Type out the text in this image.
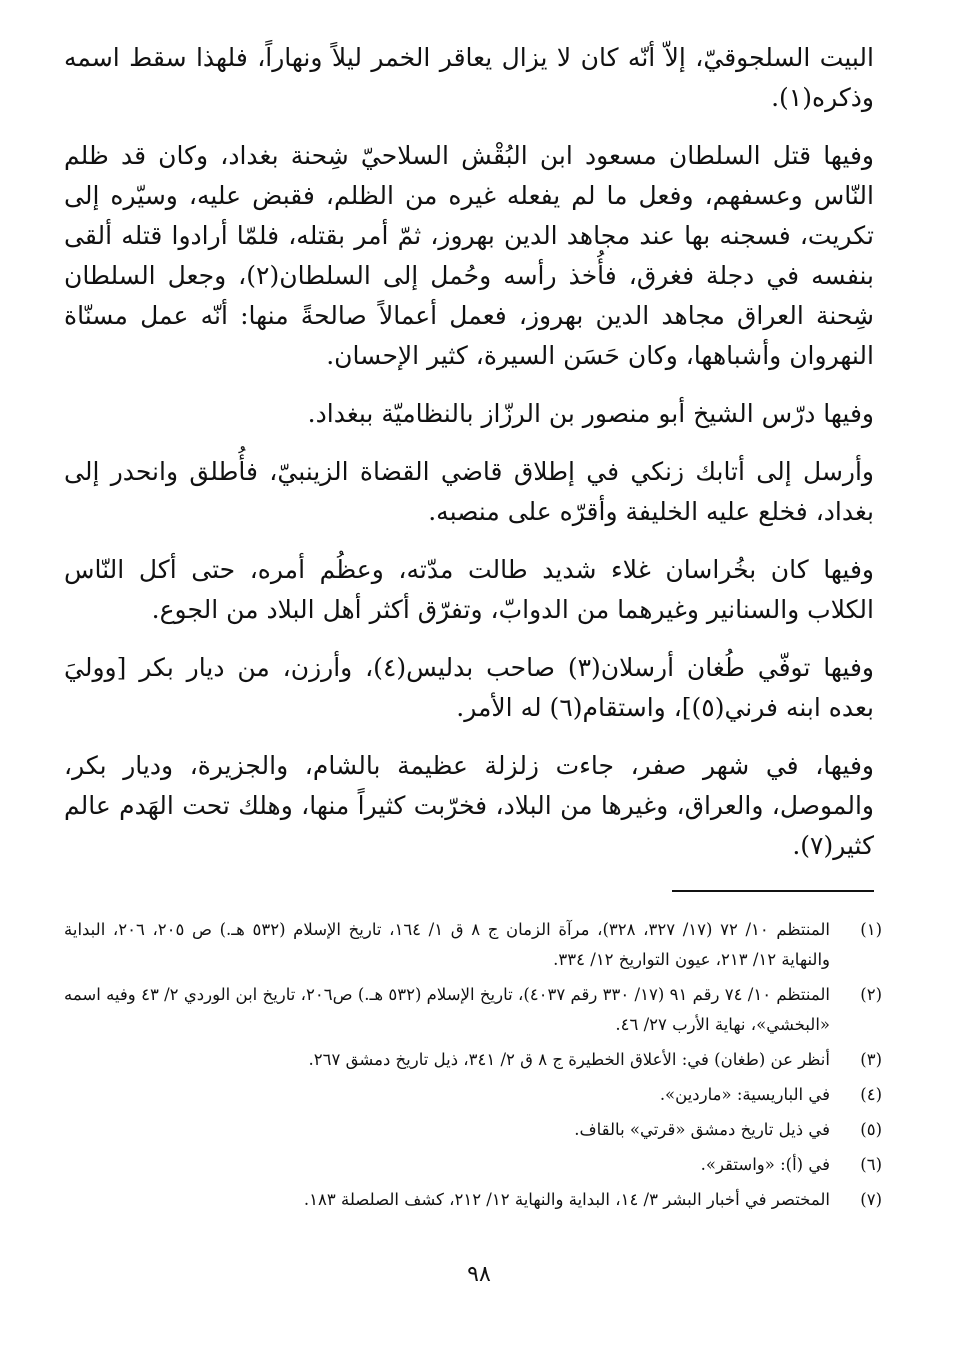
البيت السلجوقيّ، إلاّ أنّه كان لا يزال يعاقر الخمر ليلاً ونهاراً، فلهذا سقط اسمه وذكره(١).

وفيها قتل السلطان مسعود ابن البُقْش السلاحيّ شِحنة بغداد، وكان قد ظلم النّاس وعسفهم، وفعل ما لم يفعله غيره من الظلم، فقبض عليه، وسيّره إلى تكريت، فسجنه بها عند مجاهد الدين بهروز، ثمّ أمر بقتله، فلمّا أرادوا قتله ألقى بنفسه في دجلة فغرق، فأُخذ رأسه وحُمل إلى السلطان(٢)، وجعل السلطان شِحنة العراق مجاهد الدين بهروز، فعمل أعمالاً صالحةً منها: أنّه عمل مسنّاة النهروان وأشباهها، وكان حَسَن السيرة، كثير الإحسان.

وفيها درّس الشيخ أبو منصور بن الرزّاز بالنظاميّة ببغداد.

وأرسل إلى أتابك زنكي في إطلاق قاضي القضاة الزينبيّ، فأُطلق وانحدر إلى بغداد، فخلع عليه الخليفة وأقرّه على منصبه.

وفيها كان بخُراسان غلاء شديد طالت مدّته، وعظُم أمره، حتى أكل النّاس الكلاب والسنانير وغيرهما من الدوابّ، وتفرّق أكثر أهل البلاد من الجوع.

وفيها توفّي طُغان أرسلان(٣) صاحب بدليس(٤)، وأرزن، من ديار بكر [ووليَ بعده ابنه فرني(٥)]، واستقام(٦) له الأمر.

وفيها، في شهر صفر، جاءت زلزلة عظيمة بالشام، والجزيرة، وديار بكر، والموصل، والعراق، وغيرها من البلاد، فخرّبت كثيراً منها، وهلك تحت الهَدم عالم كثير(٧).

(١)
المنتظم ١٠/ ٧٢ (١٧/ ٣٢٧، ٣٢٨)، مرآة الزمان ج ٨ ق ١/ ١٦٤، تاريخ الإسلام (٥٣٢ هـ.) ص ٢٠٥، ٢٠٦، البداية والنهاية ١٢/ ٢١٣، عيون التواريخ ١٢/ ٣٣٤.
(٢)
المنتظم ١٠/ ٧٤ رقم ٩١ (١٧/ ٣٣٠ رقم ٤٠٣٧)، تاريخ الإسلام (٥٣٢ هـ.) ص٢٠٦، تاريخ ابن الوردي ٢/ ٤٣ وفيه اسمه «البخشي»، نهاية الأرب ٢٧/ ٤٦.
(٣)
أنظر عن (طغان) في: الأعلاق الخطيرة ج ٨ ق ٢/ ٣٤١، ذيل تاريخ دمشق ٢٦٧.
(٤)
في الباريسية: «ماردين».
(٥)
في ذيل تاريخ دمشق «قرتي» بالقاف.
(٦)
في (أ): «واستقر».
(٧)
المختصر في أخبار البشر ٣/ ١٤، البداية والنهاية ١٢/ ٢١٢، كشف الصلصلة ١٨٣.
٩٨
